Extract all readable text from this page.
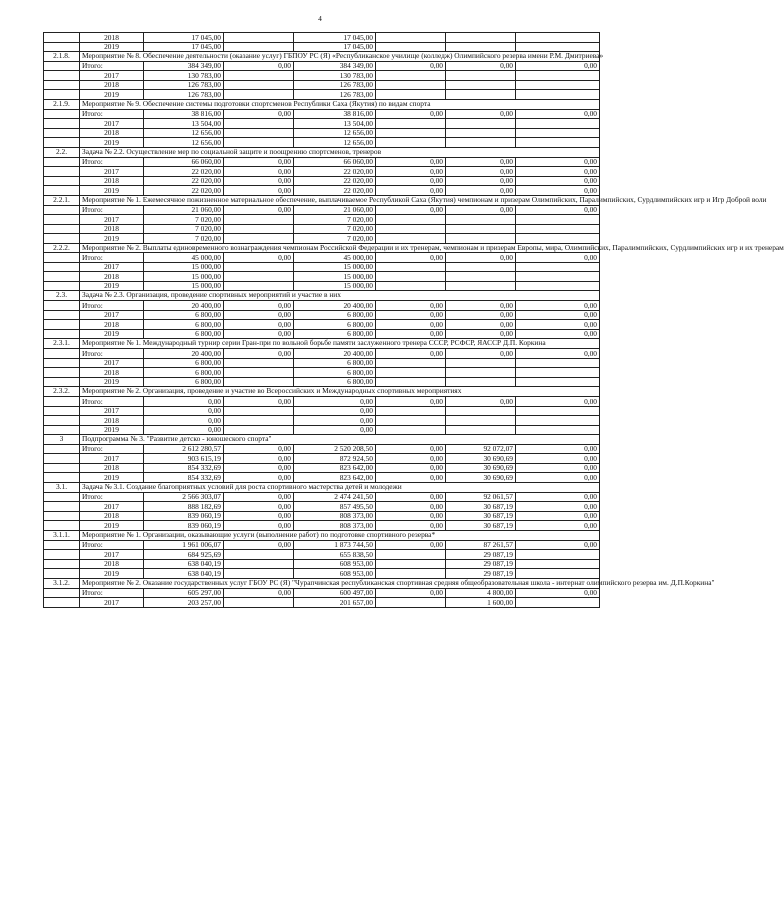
4
	2018	17 045,00		17 045,00			
	2019	17 045,00		17 045,00			
2.1.8.	Мероприятие № 8. Обеспечение деятельности (оказание услуг) ГБПОУ РС (Я) «Республиканское училище (колледж) Олимпийского резерва имени Р.М. Дмитриева»						
	Итого:	384 349,00	0,00	384 349,00	0,00	0,00	0,00
	2017	130 783,00		130 783,00			
	2018	126 783,00		126 783,00			
	2019	126 783,00		126 783,00			
2.1.9.	Мероприятие № 9. Обеспечение системы подготовки спортсменов Республики Саха (Якутия) по видам спорта						
	Итого:	38 816,00	0,00	38 816,00	0,00	0,00	0,00
	2017	13 504,00		13 504,00			
	2018	12 656,00		12 656,00			
	2019	12 656,00		12 656,00			
2.2.	Задача № 2.2. Осуществление мер по социальной защите и поощрению спортсменов, тренеров						
	Итого:	66 060,00	0,00	66 060,00	0,00	0,00	0,00
	2017	22 020,00	0,00	22 020,00	0,00	0,00	0,00
	2018	22 020,00	0,00	22 020,00	0,00	0,00	0,00
	2019	22 020,00	0,00	22 020,00	0,00	0,00	0,00
2.2.1.	Мероприятие № 1. Ежемесячное пожизненное материальное обеспечение, выплачиваемое Республикой Саха (Якутия) чемпионам и призерам Олимпийских, Паралимпийских, Сурдлимпийских игр и Игр Доброй воли						
	Итого:	21 060,00	0,00	21 060,00	0,00	0,00	0,00
	2017	7 020,00		7 020,00			
	2018	7 020,00		7 020,00			
	2019	7 020,00		7 020,00			
2.2.2.	Мероприятие № 2. Выплаты единовременного вознаграждения чемпионам Российской Федерации и их тренерам, чемпионам и призерам Европы, мира, Олимпийских, Паралимпийских, Сурдлимпийских игр и их тренерам						
	Итого:	45 000,00	0,00	45 000,00	0,00	0,00	0,00
	2017	15 000,00		15 000,00			
	2018	15 000,00		15 000,00			
	2019	15 000,00		15 000,00			
2.3.	Задача № 2.3. Организация, проведение спортивных мероприятий и участие в них						
	Итого:	20 400,00	0,00	20 400,00	0,00	0,00	0,00
	2017	6 800,00	0,00	6 800,00	0,00	0,00	0,00
	2018	6 800,00	0,00	6 800,00	0,00	0,00	0,00
	2019	6 800,00	0,00	6 800,00	0,00	0,00	0,00
2.3.1.	Мероприятие № 1. Международный турнир серии Гран-при по вольной борьбе памяти заслуженного тренера СССР, РСФСР, ЯАССР Д.П. Коркина						
	Итого:	20 400,00	0,00	20 400,00	0,00	0,00	0,00
	2017	6 800,00		6 800,00			
	2018	6 800,00		6 800,00			
	2019	6 800,00		6 800,00			
2.3.2.	Мероприятие № 2. Организация, проведение и участие во Всероссийских и Международных спортивных мероприятиях						
	Итого:	0,00	0,00	0,00	0,00	0,00	0,00
	2017	0,00		0,00			
	2018	0,00		0,00			
	2019	0,00		0,00			
3	Подпрограмма № 3. "Развитие детско - юношеского спорта"						
	Итого:	2 612 280,57	0,00	2 520 208,50	0,00	92 072,07	0,00
	2017	903 615,19	0,00	872 924,50	0,00	30 690,69	0,00
	2018	854 332,69	0,00	823 642,00	0,00	30 690,69	0,00
	2019	854 332,69	0,00	823 642,00	0,00	30 690,69	0,00
3.1.	Задача № 3.1. Создание благоприятных условий для роста спортивного мастерства детей и молодежи						
	Итого:	2 566 303,07	0,00	2 474 241,50	0,00	92 061,57	0,00
	2017	888 182,69	0,00	857 495,50	0,00	30 687,19	0,00
	2018	839 060,19	0,00	808 373,00	0,00	30 687,19	0,00
	2019	839 060,19	0,00	808 373,00	0,00	30 687,19	0,00
3.1.1.	Мероприятие № 1. Организации, оказывающие услуги (выполнение работ) по подготовке спортивного резерва*						
	Итого:	1 961 006,07	0,00	1 873 744,50	0,00	87 261,57	0,00
	2017	684 925,69		655 838,50		29 087,19	
	2018	638 040,19		608 953,00		29 087,19	
	2019	638 040,19		608 953,00		29 087,19	
3.1.2.	Мероприятие № 2. Оказание государственных услуг ГБОУ РС (Я) "Чурапчинская республиканская спортивная средняя общеобразовательная школа - интернат олимпийского резерва им. Д.П.Коркина"						
	Итого:	605 297,00	0,00	600 497,00	0,00	4 800,00	0,00
	2017	203 257,00		201 657,00		1 600,00	
